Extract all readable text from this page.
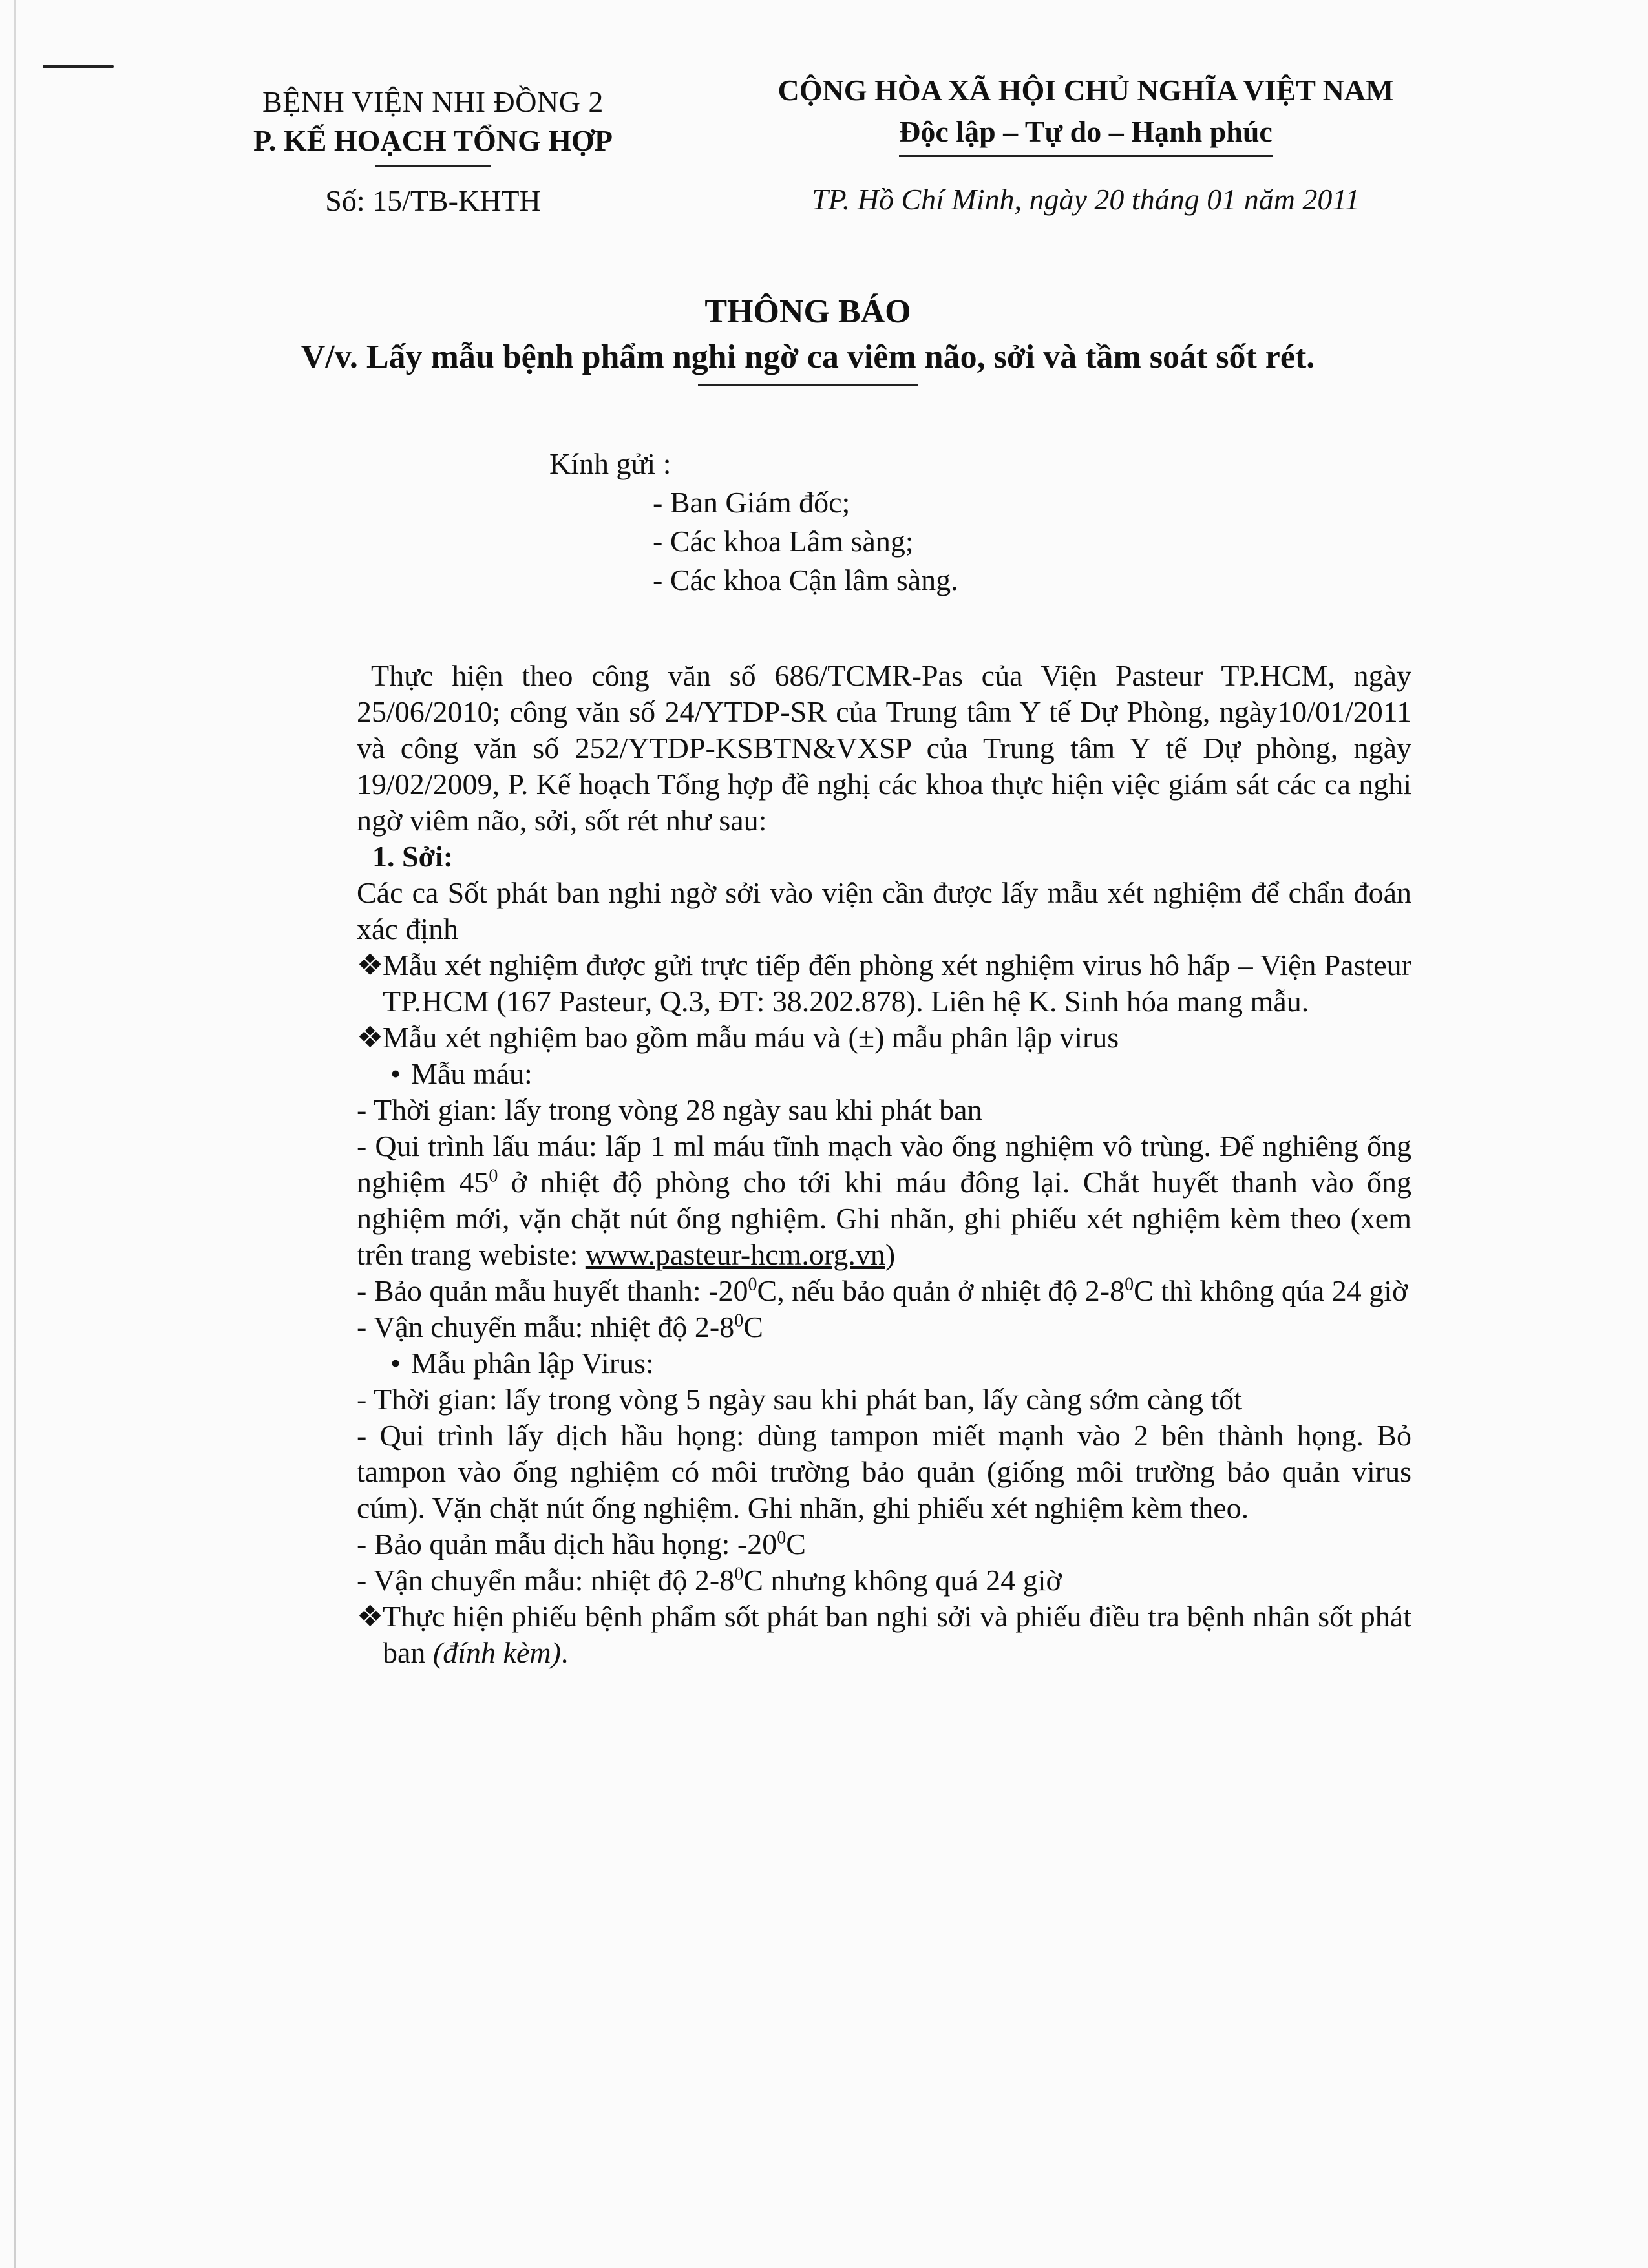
BỆNH VIỆN NHI ĐỒNG 2
P. KẾ HOẠCH TỔNG HỢP
Số: 15/TB-KHTH
CỘNG HÒA XÃ HỘI CHỦ NGHĨA VIỆT NAM
Độc lập – Tự do – Hạnh phúc
TP. Hồ Chí Minh, ngày 20 tháng 01 năm 2011
THÔNG BÁO
V/v. Lấy mẫu bệnh phẩm nghi ngờ ca viêm não, sởi và tầm soát sốt rét.
Kính gửi :
- Ban Giám đốc;
- Các khoa Lâm sàng;
- Các khoa Cận lâm sàng.

Thực hiện theo công văn số 686/TCMR-Pas của Viện Pasteur TP.HCM, ngày 25/06/2010; công văn số 24/YTDP-SR của Trung tâm Y tế Dự Phòng, ngày10/01/2011 và công văn số 252/YTDP-KSBTN&VXSP của Trung tâm Y tế Dự phòng, ngày 19/02/2009, P. Kế hoạch Tổng hợp đề nghị các khoa thực hiện việc giám sát các ca nghi ngờ viêm não, sởi, sốt rét như sau:

1. Sởi:

Các ca Sốt phát ban nghi ngờ sởi vào viện cần được lấy mẫu xét nghiệm để chẩn đoán xác định

❖Mẫu xét nghiệm được gửi trực tiếp đến phòng xét nghiệm virus hô hấp – Viện Pasteur TP.HCM (167 Pasteur, Q.3, ĐT: 38.202.878). Liên hệ K. Sinh hóa mang mẫu.

❖Mẫu xét nghiệm bao gồm mẫu máu và (±) mẫu phân lập virus

• Mẫu máu:

- Thời gian: lấy trong vòng 28 ngày sau khi phát ban

- Qui trình lấu máu: lấp 1 ml máu tĩnh mạch vào ống nghiệm vô trùng. Để nghiêng ống nghiệm $45^0$ ở nhiệt độ phòng cho tới khi máu đông lại. Chắt huyết thanh vào ống nghiệm mới, vặn chặt nút ống nghiệm. Ghi nhãn, ghi phiếu xét nghiệm kèm theo (xem trên trang webiste: www.pasteur-hcm.org.vn)

- Bảo quản mẫu huyết thanh: $-20^0C$, nếu bảo quản ở nhiệt độ $2-8^0C$ thì không qúa 24 giờ

- Vận chuyển mẫu: nhiệt độ $2-8^0C$

• Mẫu phân lập Virus:

- Thời gian: lấy trong vòng 5 ngày sau khi phát ban, lấy càng sớm càng tốt

- Qui trình lấy dịch hầu họng: dùng tampon miết mạnh vào 2 bên thành họng. Bỏ tampon vào ống nghiệm có môi trường bảo quản (giống môi trường bảo quản virus cúm). Vặn chặt nút ống nghiệm. Ghi nhãn, ghi phiếu xét nghiệm kèm theo.

- Bảo quản mẫu dịch hầu họng: $-20^0C$

- Vận chuyển mẫu: nhiệt độ $2-8^0C$ nhưng không quá 24 giờ

❖Thực hiện phiếu bệnh phẩm sốt phát ban nghi sởi và phiếu điều tra bệnh nhân sốt phát ban (đính kèm).
